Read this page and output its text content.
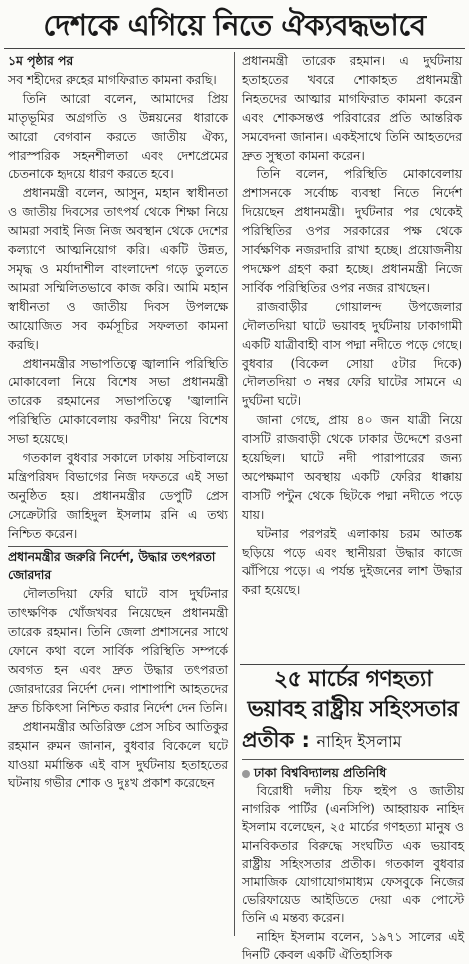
দেশকে এগিয়ে নিতে ঐক্যবদ্ধভাবে
১ম পৃষ্ঠার পর

সব শহীদের রুহের মাগফিরাত কামনা করছি।

তিনি আরো বলেন, আমাদের প্রিয় মাতৃভূমির অগ্রগতি ও উন্নয়নের ধারাকে আরো বেগবান করতে জাতীয় ঐক্য, পারস্পরিক সহনশীলতা এবং দেশপ্রেমের চেতনাকে হৃদয়ে ধারণ করতে হবে।

প্রধানমন্ত্রী বলেন, আসুন, মহান স্বাধীনতা ও জাতীয় দিবসের তাৎপর্য থেকে শিক্ষা নিয়ে আমরা সবাই নিজ নিজ অবস্থান থেকে দেশের কল্যাণে আত্মনিয়োগ করি। একটি উন্নত, সমৃদ্ধ ও মর্যাদাশীল বাংলাদেশ গড়ে তুলতে আমরা সম্মিলিতভাবে কাজ করি। আমি মহান স্বাধীনতা ও জাতীয় দিবস উপলক্ষে আয়োজিত সব কর্মসূচির সফলতা কামনা করছি।

প্রধানমন্ত্রীর সভাপতিত্বে জ্বালানি পরিস্থিতি মোকাবেলা নিয়ে বিশেষ সভা প্রধানমন্ত্রী তারেক রহমানের সভাপতিত্বে 'জ্বালানি পরিস্থিতি মোকাবেলায় করণীয়' নিয়ে বিশেষ সভা হয়েছে।

গতকাল বুধবার সকালে ঢাকায় সচিবালয়ে মন্ত্রিপরিষদ বিভাগের নিজ দফতরে এই সভা অনুষ্ঠিত হয়। প্রধানমন্ত্রীর ডেপুটি প্রেস সেক্রেটারি জাহিদুল ইসলাম রনি এ তথ্য নিশ্চিত করেন।

প্রধানমন্ত্রীর জরুরি নির্দেশ, উদ্ধার তৎপরতা জোরদার

দৌলতদিয়া ফেরি ঘাটে বাস দুর্ঘটনার তাৎক্ষণিক খোঁজখবর নিয়েছেন প্রধানমন্ত্রী তারেক রহমান। তিনি জেলা প্রশাসনের সাথে ফোনে কথা বলে সার্বিক পরিস্থিতি সম্পর্কে অবগত হন এবং দ্রুত উদ্ধার তৎপরতা জোরদারের নির্দেশ দেন। পাশাপাশি আহতদের দ্রুত চিকিৎসা নিশ্চিত করার নির্দেশ দেন তিনি।

প্রধানমন্ত্রীর অতিরিক্ত প্রেস সচিব আতিকুর রহমান রুমন জানান, বুধবার বিকেলে ঘটে যাওয়া মর্মান্তিক এই বাস দুর্ঘটনায় হতাহতের ঘটনায় গভীর শোক ও দুঃখ প্রকাশ করেছেন

প্রধানমন্ত্রী তারেক রহমান। এ দুর্ঘটনায় হতাহতের খবরে শোকাহত প্রধানমন্ত্রী নিহতদের আত্মার মাগফিরাত কামনা করেন এবং শোকসন্তপ্ত পরিবারের প্রতি আন্তরিক সমবেদনা জানান। একইসাথে তিনি আহতদের দ্রুত সুস্থতা কামনা করেন।

তিনি বলেন, পরিস্থিতি মোকাবেলায় প্রশাসনকে সর্বোচ্চ ব্যবস্থা নিতে নির্দেশ দিয়েছেন প্রধানমন্ত্রী। দুর্ঘটনার পর থেকেই পরিস্থিতির ওপর সরকারের পক্ষ থেকে সার্বক্ষণিক নজরদারি রাখা হচ্ছে। প্রয়োজনীয় পদক্ষেপ গ্রহণ করা হচ্ছে। প্রধানমন্ত্রী নিজে সার্বিক পরিস্থিতির ওপর নজর রাখছেন।

রাজবাড়ীর গোয়ালন্দ উপজেলার দৌলতদিয়া ঘাটে ভয়াবহ দুর্ঘটনায় ঢাকাগামী একটি যাত্রীবাহী বাস পদ্মা নদীতে পড়ে গেছে। বুধবার (বিকেল সোয়া ৫টার দিকে) দৌলতদিয়া ৩ নম্বর ফেরি ঘাটের সামনে এ দুর্ঘটনা ঘটে।

জানা গেছে, প্রায় ৪০ জন যাত্রী নিয়ে বাসটি রাজবাড়ী থেকে ঢাকার উদ্দেশে রওনা হয়েছিল। ঘাটে নদী পারাপারের জন্য অপেক্ষমাণ অবস্থায় একটি ফেরির ধাক্কায় বাসটি পন্টুন থেকে ছিটকে পদ্মা নদীতে পড়ে যায়।

ঘটনার পরপরই এলাকায় চরম আতঙ্ক ছড়িয়ে পড়ে এবং স্থানীয়রা উদ্ধার কাজে ঝাঁপিয়ে পড়ে। এ পর্যন্ত দুইজনের লাশ উদ্ধার করা হয়েছে।

২৫ মার্চের গণহত্যা
ভয়াবহ রাষ্ট্রীয় সহিংসতার
প্রতীক : নাহিদ ইসলাম
ঢাকা বিশ্ববিদ্যালয় প্রতিনিধি

বিরোধী দলীয় চিফ হুইপ ও জাতীয় নাগরিক পার্টির (এনসিপি) আহ্বায়ক নাহিদ ইসলাম বলেছেন, ২৫ মার্চের গণহত্যা মানুষ ও মানবিকতার বিরুদ্ধে সংঘটিত এক ভয়াবহ রাষ্ট্রীয় সহিংসতার প্রতীক। গতকাল বুধবার সামাজিক যোগাযোগমাধ্যম ফেসবুকে নিজের ভেরিফায়েড আইডিতে দেয়া এক পোস্টে তিনি এ মন্তব্য করেন।

নাহিদ ইসলাম বলেন, ১৯৭১ সালের এই দিনটি কেবল একটি ঐতিহাসিক
